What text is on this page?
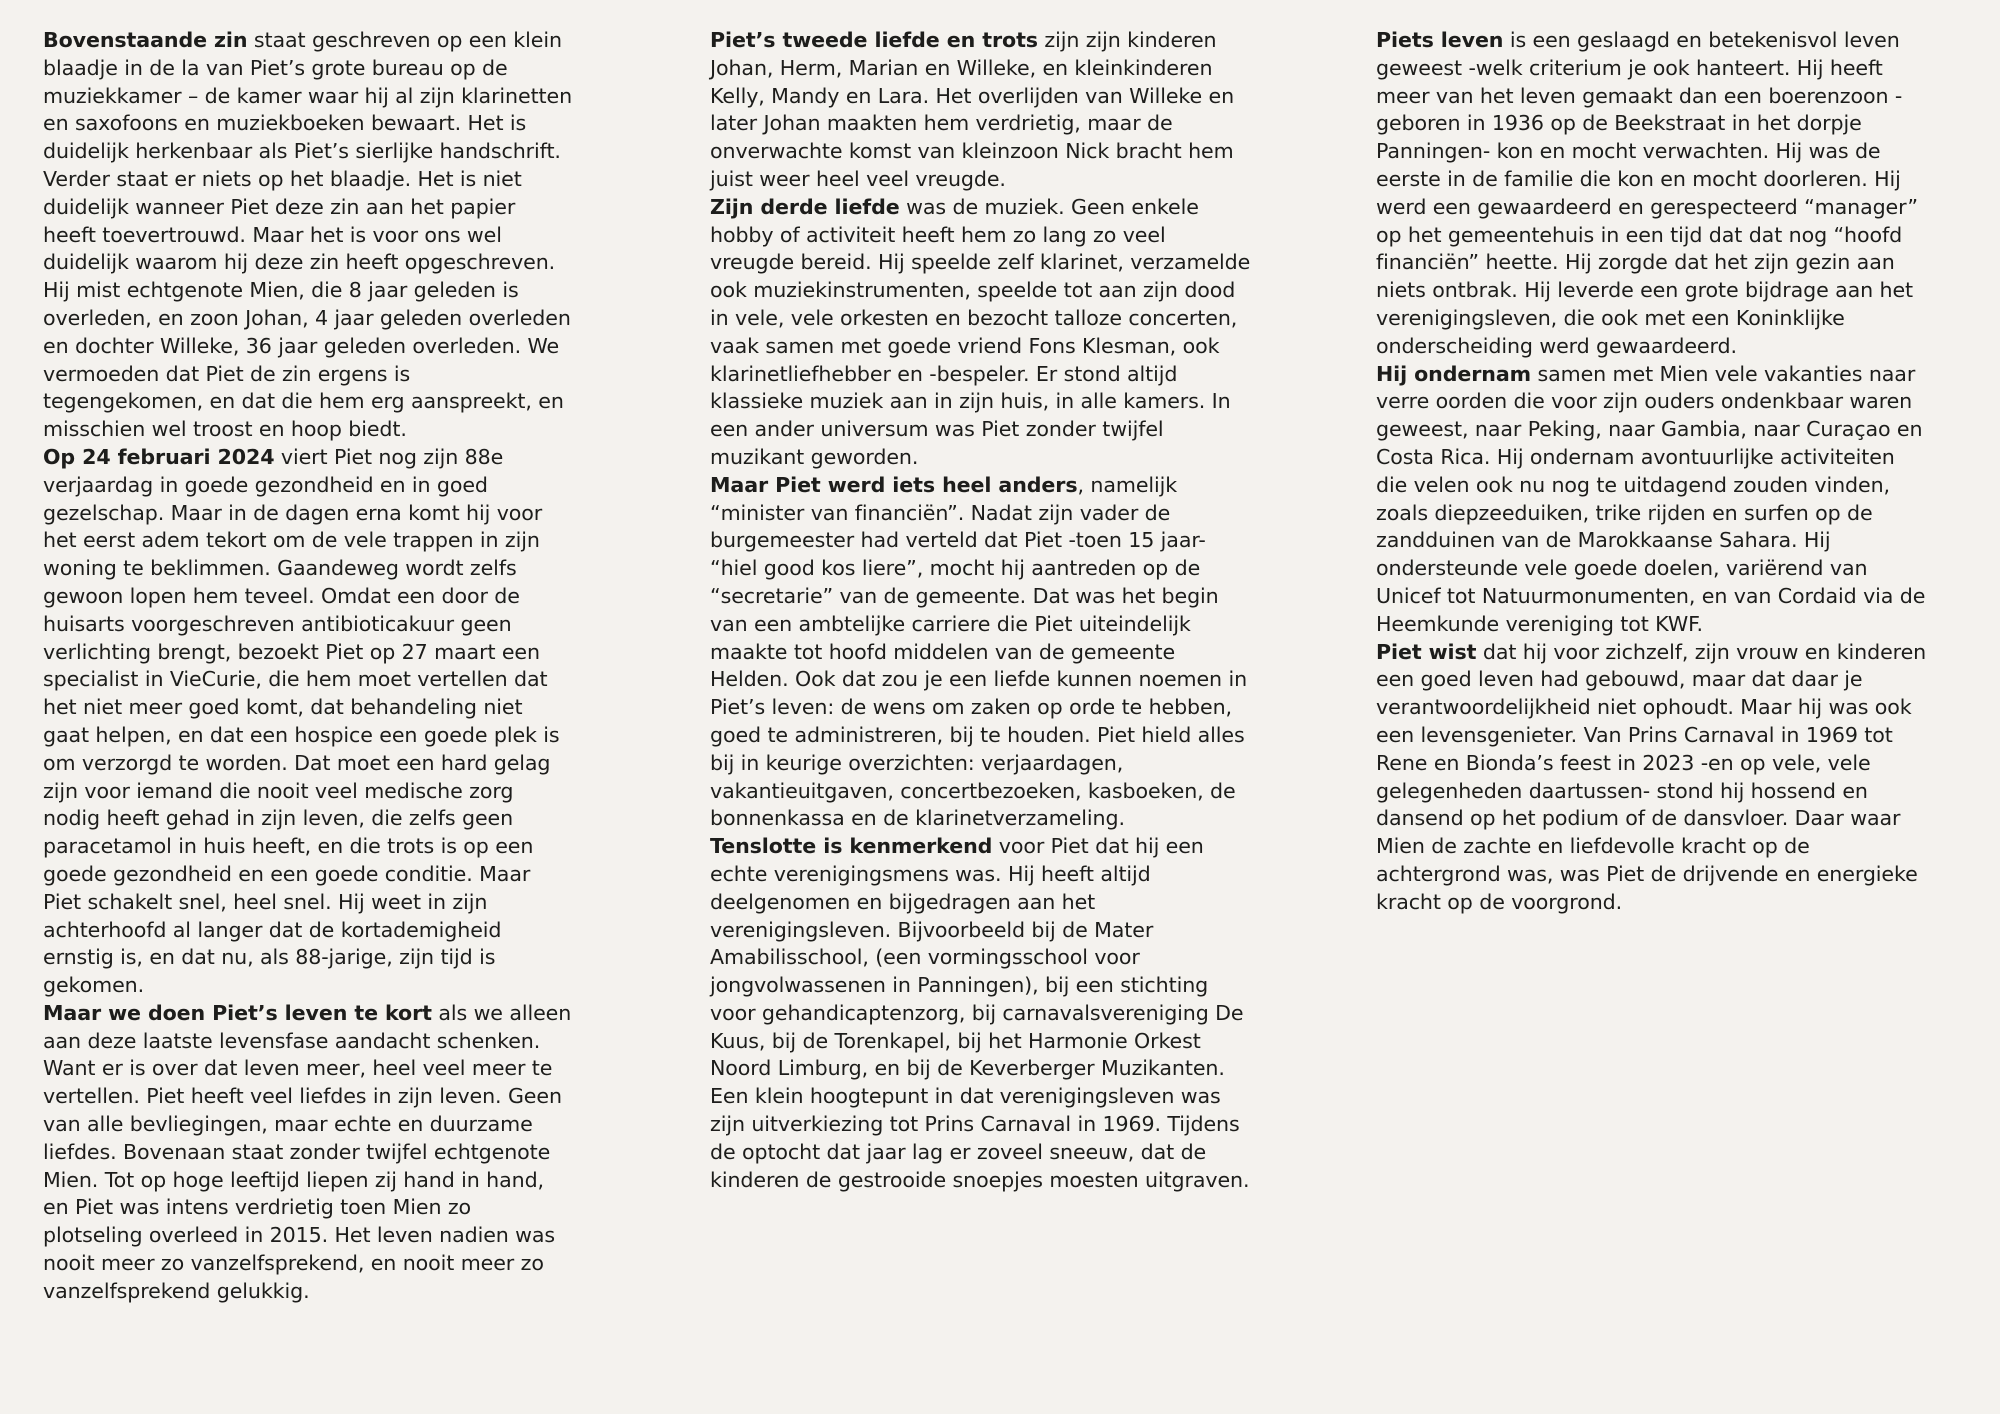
Bovenstaande zin staat geschreven op een klein blaadje in de la van Piet’s grote bureau op de muziekkamer – de kamer waar hij al zijn klarinetten en saxofoons en muziekboeken bewaart. Het is duidelijk herkenbaar als Piet’s sierlijke handschrift. Verder staat er niets op het blaadje. Het is niet duidelijk wanneer Piet deze zin aan het papier heeft toevertrouwd. Maar het is voor ons wel duidelijk waarom hij deze zin heeft opgeschreven. Hij mist echtgenote Mien, die 8 jaar geleden is overleden, en zoon Johan, 4 jaar geleden overleden en dochter Willeke, 36 jaar geleden overleden. We vermoeden dat Piet de zin ergens is tegengekomen, en dat die hem erg aanspreekt, en misschien wel troost en hoop biedt.

Op 24 februari 2024 viert Piet nog zijn 88e verjaardag in goede gezondheid en in goed gezelschap. Maar in de dagen erna komt hij voor het eerst adem tekort om de vele trappen in zijn woning te beklimmen. Gaandeweg wordt zelfs gewoon lopen hem teveel. Omdat een door de huisarts voorgeschreven antibioticakuur geen verlichting brengt, bezoekt Piet op 27 maart een specialist in VieCurie, die hem moet vertellen dat het niet meer goed komt, dat behandeling niet gaat helpen, en dat een hospice een goede plek is om verzorgd te worden. Dat moet een hard gelag zijn voor iemand die nooit veel medische zorg nodig heeft gehad in zijn leven, die zelfs geen paracetamol in huis heeft, en die trots is op een goede gezondheid en een goede conditie. Maar Piet schakelt snel, heel snel. Hij weet in zijn achterhoofd al langer dat de kortademigheid ernstig is, en dat nu, als 88-jarige, zijn tijd is gekomen.

Maar we doen Piet’s leven te kort als we alleen aan deze laatste levensfase aandacht schenken. Want er is over dat leven meer, heel veel meer te vertellen. Piet heeft veel liefdes in zijn leven. Geen van alle bevliegingen, maar echte en duurzame liefdes. Bovenaan staat zonder twijfel echtgenote Mien. Tot op hoge leeftijd liepen zij hand in hand, en Piet was intens verdrietig toen Mien zo plotseling overleed in 2015. Het leven nadien was nooit meer zo vanzelfsprekend, en nooit meer zo vanzelfsprekend gelukkig.

Piet’s tweede liefde en trots zijn zijn kinderen Johan, Herm, Marian en Willeke, en kleinkinderen Kelly, Mandy en Lara. Het overlijden van Willeke en later Johan maakten hem verdrietig, maar de onverwachte komst van kleinzoon Nick bracht hem juist weer heel veel vreugde.

Zijn derde liefde was de muziek. Geen enkele hobby of activiteit heeft hem zo lang zo veel vreugde bereid. Hij speelde zelf klarinet, verzamelde ook muziekinstrumenten, speelde tot aan zijn dood in vele, vele orkesten en bezocht talloze concerten, vaak samen met goede vriend Fons Klesman, ook klarinetliefhebber en -bespeler. Er stond altijd klassieke muziek aan in zijn huis, in alle kamers. In een ander universum was Piet zonder twijfel muzikant geworden.

Maar Piet werd iets heel anders, namelijk “minister van financiën”. Nadat zijn vader de burgemeester had verteld dat Piet -toen 15 jaar- “hiel good kos liere”, mocht hij aantreden op de “secretarie” van de gemeente. Dat was het begin van een ambtelijke carriere die Piet uiteindelijk maakte tot hoofd middelen van de gemeente Helden. Ook dat zou je een liefde kunnen noemen in Piet’s leven: de wens om zaken op orde te hebben, goed te administreren, bij te houden. Piet hield alles bij in keurige overzichten: verjaardagen, vakantieuitgaven, concertbezoeken, kasboeken, de bonnenkassa en de klarinetverzameling.

Tenslotte is kenmerkend voor Piet dat hij een echte verenigingsmens was. Hij heeft altijd deelgenomen en bijgedragen aan het verenigingsleven. Bijvoorbeeld bij de Mater Amabilisschool, (een vormingsschool voor jongvolwassenen in Panningen), bij een stichting voor gehandicaptenzorg, bij carnavalsvereniging De Kuus, bij de Torenkapel, bij het Harmonie Orkest Noord Limburg, en bij de Keverberger Muzikanten. Een klein hoogtepunt in dat verenigingsleven was zijn uitverkiezing tot Prins Carnaval in 1969. Tijdens de optocht dat jaar lag er zoveel sneeuw, dat de kinderen de gestrooide snoepjes moesten uitgraven.

Piets leven is een geslaagd en betekenisvol leven geweest -welk criterium je ook hanteert. Hij heeft meer van het leven gemaakt dan een boerenzoon -geboren in 1936 op de Beekstraat in het dorpje Panningen- kon en mocht verwachten. Hij was de eerste in de familie die kon en mocht doorleren. Hij werd een gewaardeerd en gerespecteerd “manager” op het gemeentehuis in een tijd dat dat nog “hoofd financiën” heette. Hij zorgde dat het zijn gezin aan niets ontbrak. Hij leverde een grote bijdrage aan het verenigingsleven, die ook met een Koninklijke onderscheiding werd gewaardeerd.

Hij ondernam samen met Mien vele vakanties naar verre oorden die voor zijn ouders ondenkbaar waren geweest, naar Peking, naar Gambia, naar Curaçao en Costa Rica. Hij ondernam avontuurlijke activiteiten die velen ook nu nog te uitdagend zouden vinden, zoals diepzeeduiken, trike rijden en surfen op de zandduinen van de Marokkaanse Sahara. Hij ondersteunde vele goede doelen, variërend van Unicef tot Natuurmonumenten, en van Cordaid via de Heemkunde vereniging tot KWF.

Piet wist dat hij voor zichzelf, zijn vrouw en kinderen een goed leven had gebouwd, maar dat daar je verantwoordelijkheid niet ophoudt. Maar hij was ook een levensgenieter. Van Prins Carnaval in 1969 tot Rene en Bionda’s feest in 2023 -en op vele, vele gelegenheden daartussen- stond hij hossend en dansend op het podium of de dansvloer. Daar waar Mien de zachte en liefdevolle kracht op de achtergrond was, was Piet de drijvende en energieke kracht op de voorgrond.
